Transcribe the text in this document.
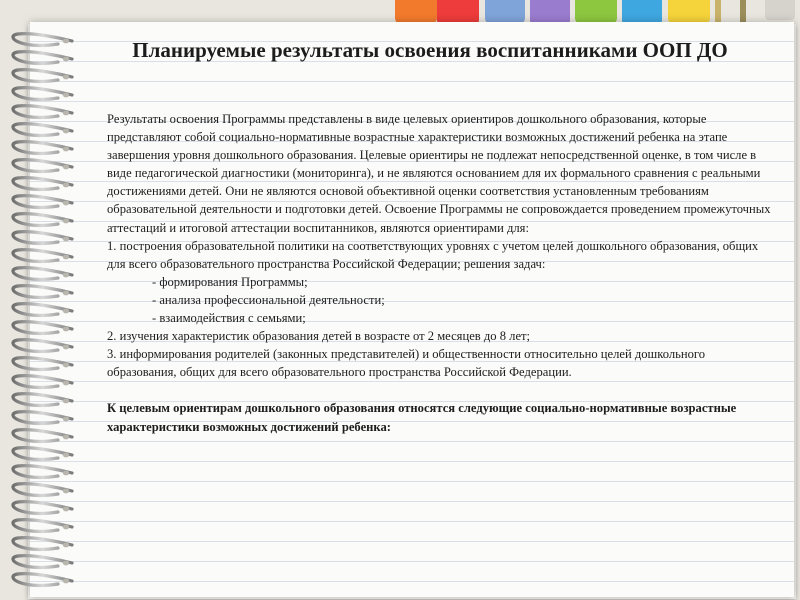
Планируемые результаты освоения воспитанниками ООП ДО

Результаты освоения Программы представлены в виде целевых ориентиров дошкольного образования, которые представляют собой социально-нормативные возрастные характеристики возможных достижений ребенка на этапе завершения уровня дошкольного образования. Целевые ориентиры не подлежат непосредственной оценке, в том числе в виде педагогической диагностики (мониторинга), и не являются основанием для их формального сравнения с реальными достижениями детей. Они не являются основой объективной оценки соответствия установленным требованиям образовательной деятельности и подготовки детей. Освоение Программы не сопровождается проведением промежуточных аттестаций и итоговой аттестации воспитанников, являются ориентирами для:

1. построения образовательной политики на соответствующих уровнях с учетом целей дошкольного образования, общих для всего образовательного пространства Российской Федерации; решения задач:

- формирования Программы;

- анализа профессиональной деятельности;

- взаимодействия с семьями;

2. изучения характеристик образования детей в возрасте от 2 месяцев до 8 лет;

3. информирования родителей (законных представителей) и общественности относительно целей дошкольного образования, общих для всего образовательного пространства Российской Федерации.

К целевым ориентирам дошкольного образования относятся следующие социально-нормативные возрастные характеристики возможных достижений ребенка:
